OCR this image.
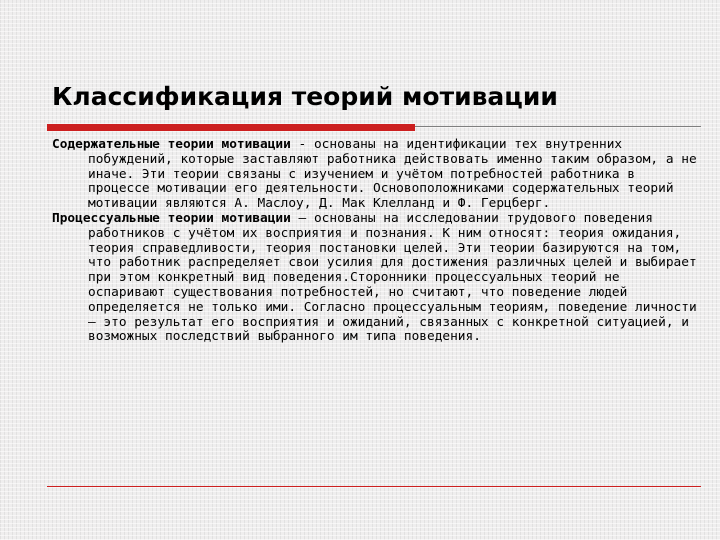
Классификация теорий мотивации

Содержательные теории мотивации - основаны на идентификации тех внутренних побуждений, которые заставляют работника действовать именно таким образом, а не иначе. Эти теории связаны с изучением и учётом потребностей работника в процессе мотивации его деятельности. Основоположниками содержательных теорий мотивации являются А. Маслоу, Д. Мак Клелланд и Ф. Герцберг.

Процессуальные теории мотивации – основаны на исследовании трудового поведения работников с учётом их восприятия и познания. К ним относят: теория ожидания, теория справедливости, теория постановки целей. Эти теории базируются на том, что работник распределяет свои усилия для достижения различных целей и выбирает при этом конкретный вид поведения.Сторонники процессуальных теорий не оспаривают существования потребностей, но считают, что поведение людей определяется не только ими. Согласно процессуальным теориям, поведение личности – это результат его восприятия и ожиданий, связанных с конкретной ситуацией, и возможных последствий выбранного им типа поведения.
